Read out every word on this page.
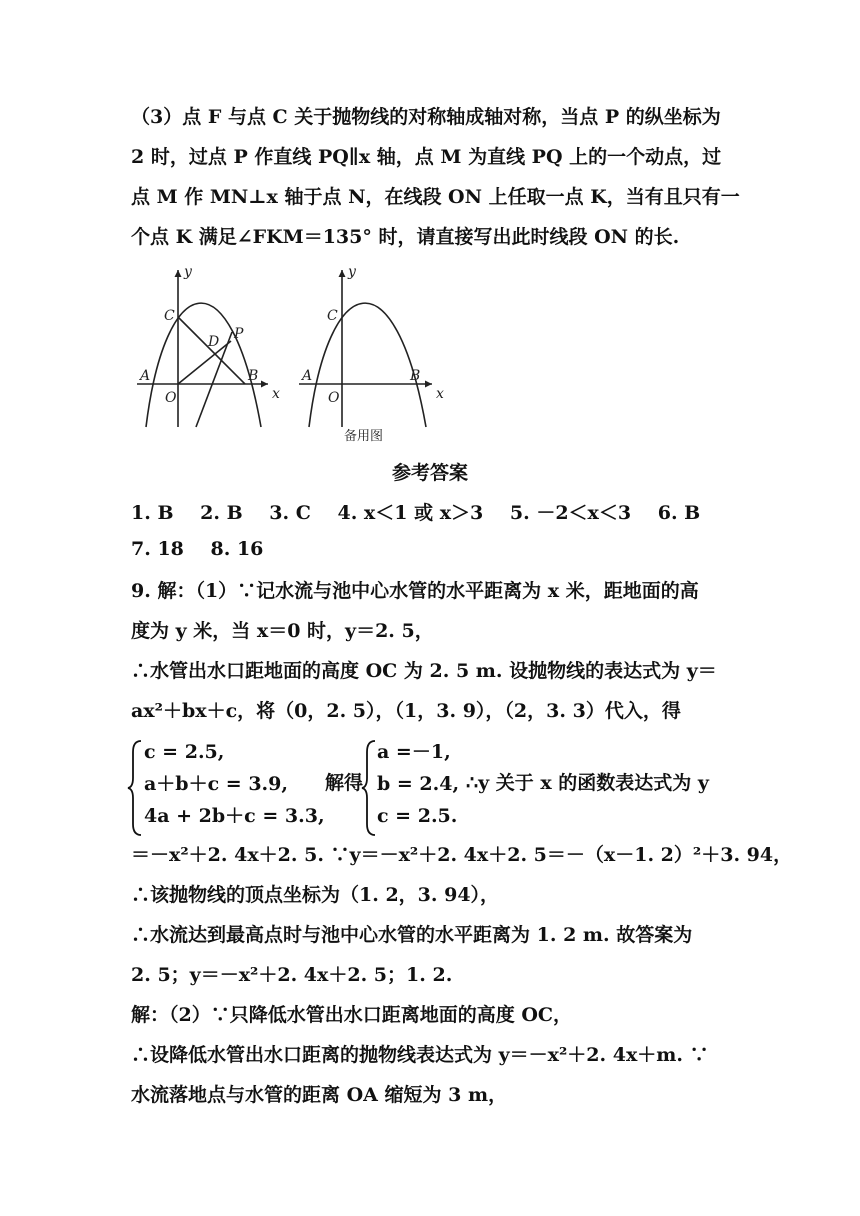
（3）点 F 与点 C 关于抛物线的对称轴成轴对称，当点 P 的纵坐标为
2 时，过点 P 作直线 PQ∥x 轴，点 M 为直线 PQ 上的一个动点，过
点 M 作 MN⊥x 轴于点 N，在线段 ON 上任取一点 K，当有且只有一
个点 K 满足∠FKM＝135° 时，请直接写出此时线段 ON 的长.
y
x
C
P
D
A
O
B
y
x
C
A
O
B
备用图
参考答案
1. B 2. B 3. C 4. x＜1 或 x＞3 5. －2＜x＜3 6. B
7. 18 8. 16
9. 解：（1）∵记水流与池中心水管的水平距离为 x 米，距地面的高
度为 y 米，当 x＝0 时，y＝2. 5，
∴水管出水口距地面的高度 OC 为 2. 5 m. 设抛物线的表达式为 y＝
ax²＋bx＋c，将（0，2. 5），（1，3. 9），（2，3. 3）代入，得
c = 2.5,
a＋b＋c = 3.9,
4a + 2b＋c = 3.3,
解得
a =－1,
b = 2.4,
c = 2.5.
∴y 关于 x 的函数表达式为 y
＝－x²＋2. 4x＋2. 5. ∵y＝－x²＋2. 4x＋2. 5＝－（x－1. 2）²＋3. 94，
∴该抛物线的顶点坐标为（1. 2，3. 94），
∴水流达到最高点时与池中心水管的水平距离为 1. 2 m. 故答案为
2. 5；y＝－x²＋2. 4x＋2. 5；1. 2.
解：（2）∵只降低水管出水口距离地面的高度 OC，
∴设降低水管出水口距离的抛物线表达式为 y＝－x²＋2. 4x＋m. ∵
水流落地点与水管的距离 OA 缩短为 3 m，
